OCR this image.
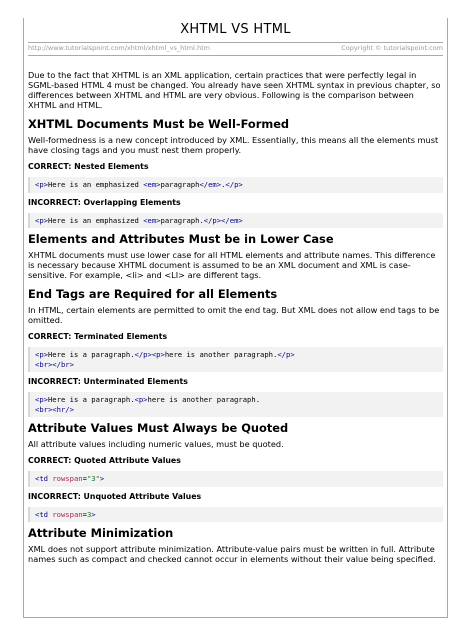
XHTML VS HTML
http://www.tutorialspoint.com/xhtml/xhtml_vs_html.htm	Copyright © tutorialspoint.com

Due to the fact that XHTML is an XML application, certain practices that were perfectly legal in SGML-based HTML 4 must be changed. You already have seen XHTML syntax in previous chapter, so differences between XHTML and HTML are very obvious. Following is the comparison between XHTML and HTML.

XHTML Documents Must be Well-Formed

Well-formedness is a new concept introduced by XML. Essentially, this means all the elements must have closing tags and you must nest them properly.

CORRECT: Nested Elements
<p>Here is an emphasized <em>paragraph</em>.</p>
INCORRECT: Overlapping Elements
<p>Here is an emphasized <em>paragraph.</p></em>
Elements and Attributes Must be in Lower Case

XHTML documents must use lower case for all HTML elements and attribute names. This difference is necessary because XHTML document is assumed to be an XML document and XML is case-sensitive. For example, <li> and <LI> are different tags.

End Tags are Required for all Elements

In HTML, certain elements are permitted to omit the end tag. But XML does not allow end tags to be omitted.

CORRECT: Terminated Elements
<p>Here is a paragraph.</p><p>here is another paragraph.</p>
<br></br>
INCORRECT: Unterminated Elements
<p>Here is a paragraph.<p>here is another paragraph.
<br><hr/>
Attribute Values Must Always be Quoted

All attribute values including numeric values, must be quoted.

CORRECT: Quoted Attribute Values
<td rowspan="3">
INCORRECT: Unquoted Attribute Values
<td rowspan=3>
Attribute Minimization

XML does not support attribute minimization. Attribute-value pairs must be written in full. Attribute names such as compact and checked cannot occur in elements without their value being specified.
